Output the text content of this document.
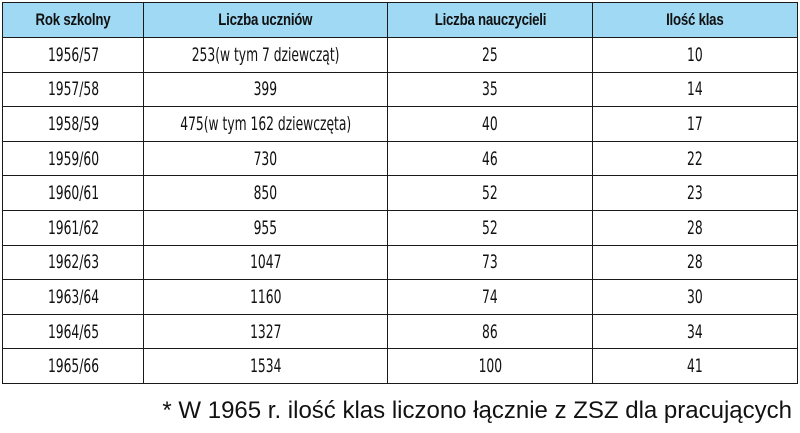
Rok szkolny	Liczba uczniów	Liczba nauczycieli	Ilość klas
1956/57	253(w tym 7 dziewcząt)	25	10
1957/58	399	35	14
1958/59	475(w tym 162 dziewczęta)	40	17
1959/60	730	46	22
1960/61	850	52	23
1961/62	955	52	28
1962/63	1047	73	28
1963/64	1160	74	30
1964/65	1327	86	34
1965/66	1534	100	41
* W 1965 r. ilość klas liczono łącznie z ZSZ dla pracujących
